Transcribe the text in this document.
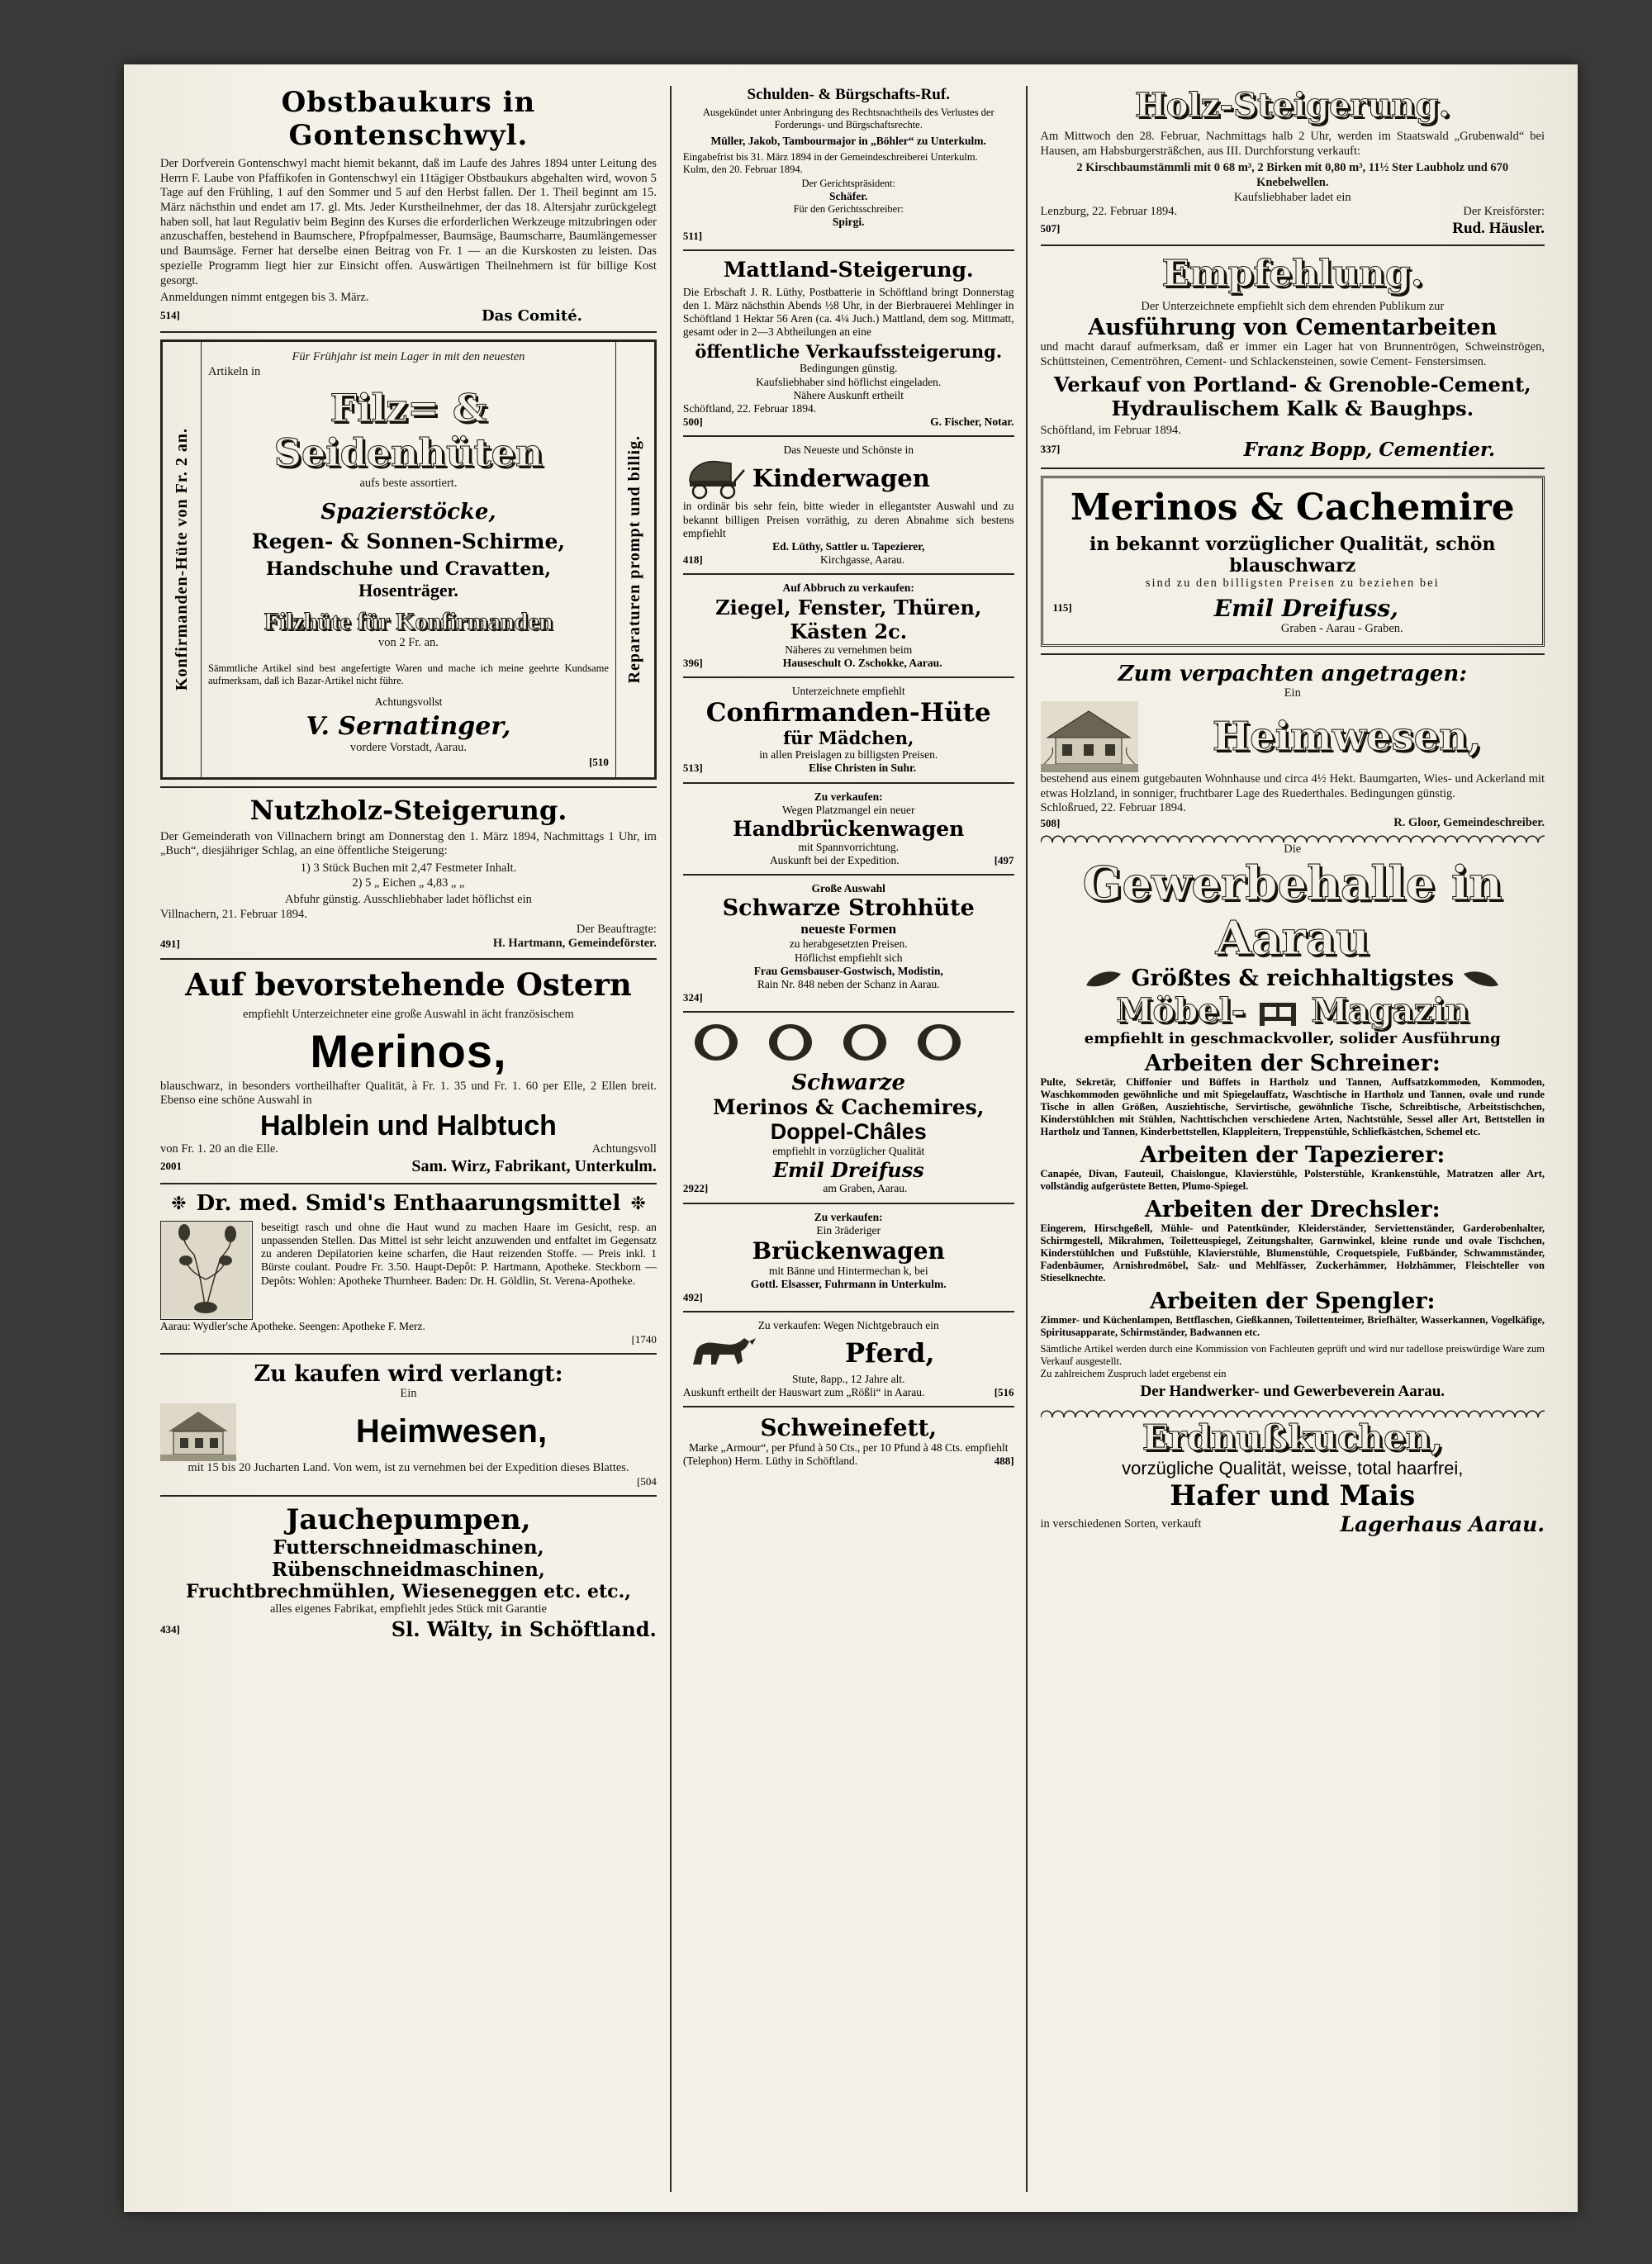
Obstbaukurs in Gontenschwyl.
Der Dorfverein Gontenschwyl macht hiemit bekannt, daß im Laufe des Jahres 1894 unter Leitung des Herrn F. Laube von Pfaffikofen in Gontenschwyl ein 11tägiger Obstbaukurs abgehalten wird, wovon 5 Tage auf den Frühling, 1 auf den Sommer und 5 auf den Herbst fallen. Der 1. Theil beginnt am 15. März nächsthin und endet am 17. gl. Mts. Jeder Kurstheilnehmer, der das 18. Altersjahr zurückgelegt haben soll, hat laut Regulativ beim Beginn des Kurses die erforderlichen Werkzeuge mitzubringen oder anzuschaffen, bestehend in Baumschere, Pfropfpalmesser, Baumsäge, Baumscharre, Baumlängemesser und Baumsäge. Ferner hat derselbe einen Beitrag von Fr. 1 — an die Kurskosten zu leisten. Das spezielle Programm liegt hier zur Einsicht offen. Auswärtigen Theilnehmern ist für billige Kost gesorgt.
Anmeldungen nimmt entgegen bis 3. März.
514]	Das Comité.
Konfirmanden-Hüte von Fr. 2 an.
Für Frühjahr ist mein Lager in mit den neuesten
Artikeln in
Filz= & Seidenhüten
aufs beste assortiert.
Spazierstöcke,
Regen- & Sonnen-Schirme,
Handschuhe und Cravatten,
Hosenträger.
Filzhüte für Konfirmanden
von 2 Fr. an.
Sämmtliche Artikel sind best angefertigte Waren und mache ich meine geehrte Kundsame aufmerksam, daß ich Bazar-Artikel nicht führe.
Achtungsvollst
V. Sernatinger,
vordere Vorstadt, Aarau.
[510
Reparaturen prompt und billig.
Nutzholz-Steigerung.
Der Gemeinderath von Villnachern bringt am Donnerstag den 1. März 1894, Nachmittags 1 Uhr, im „Buch“, diesjähriger Schlag, an eine öffentliche Steigerung:
1) 3 Stück Buchen mit 2,47 Festmeter Inhalt.
2) 5 „ Eichen „ 4,83 „ „
Abfuhr günstig. Ausschliebhaber ladet höflichst ein
Villnachern, 21. Februar 1894.
Der Beauftragte:
491]	H. Hartmann, Gemeindeförster.
Auf bevorstehende Ostern
empfiehlt Unterzeichneter eine große Auswahl in ächt französischem
Merinos,
blauschwarz, in besonders vortheilhafter Qualität, à Fr. 1. 35 und Fr. 1. 60 per Elle, 2 Ellen breit. Ebenso eine schöne Auswahl in
Halblein und Halbtuch
von Fr. 1. 20 an die Elle.	Achtungsvoll
2001	Sam. Wirz, Fabrikant, Unterkulm.
❉ Dr. med. Smid's Enthaarungsmittel ❉
beseitigt rasch und ohne die Haut wund zu machen Haare im Gesicht, resp. an unpassenden Stellen. Das Mittel ist sehr leicht anzuwenden und entfaltet im Gegensatz zu anderen Depilatorien keine scharfen, die Haut reizenden Stoffe. — Preis inkl. 1 Bürste coulant. Poudre Fr. 3.50. Haupt-Depôt: P. Hartmann, Apotheke. Steckborn — Depôts: Wohlen: Apotheke Thurnheer. Baden: Dr. H. Göldlin, St. Verena-Apotheke.
Aarau: Wydler'sche Apotheke. Seengen: Apotheke F. Merz.
[1740
Zu kaufen wird verlangt:
Ein
Heimwesen,
mit 15 bis 20 Jucharten Land. Von wem, ist zu vernehmen bei der Expedition dieses Blattes.
[504
Jauchepumpen,
Futterschneidmaschinen, Rübenschneidmaschinen,
Fruchtbrechmühlen, Wieseneggen etc. etc.,
alles eigenes Fabrikat, empfiehlt jedes Stück mit Garantie
434]	Sl. Wälty, in Schöftland.
Schulden- & Bürgschafts-Ruf.
Ausgekündet unter Anbringung des Rechtsnachtheils des Verlustes der Forderungs- und Bürgschaftsrechte.
Müller, Jakob, Tambourmajor in „Böhler“ zu Unterkulm.
Eingabefrist bis 31. März 1894 in der Gemeindeschreiberei Unterkulm.
Kulm, den 20. Februar 1894.
Der Gerichtspräsident:
Schäfer.
Für den Gerichtsschreiber:
Spirgi.
511]
Mattland-Steigerung.
Die Erbschaft J. R. Lüthy, Postbatterie in Schöftland bringt Donnerstag den 1. März nächsthin Abends ½8 Uhr, in der Bierbrauerei Mehlinger in Schöftland 1 Hektar 56 Aren (ca. 4¼ Juch.) Mattland, dem sog. Mittmatt, gesamt oder in 2—3 Abtheilungen an eine
öffentliche Verkaufssteigerung.
Bedingungen günstig.
Kaufsliebhaber sind höflichst eingeladen.
Nähere Auskunft ertheilt
Schöftland, 22. Februar 1894.
500]	G. Fischer, Notar.
Das Neueste und Schönste in
Kinderwagen
in ordinär bis sehr fein, bitte wieder in ellegantster Auswahl und zu bekannt billigen Preisen vorräthig, zu deren Abnahme sich bestens empfiehlt
Ed. Lüthy, Sattler u. Tapezierer,
418]	Kirchgasse, Aarau.
Auf Abbruch zu verkaufen:
Ziegel, Fenster, Thüren, Kästen 2c.
Näheres zu vernehmen beim
396]	Hauseschult O. Zschokke, Aarau.
Unterzeichnete empfiehlt
Confirmanden-Hüte
für Mädchen,
in allen Preislagen zu billigsten Preisen.
513]	Elise Christen in Suhr.
Zu verkaufen:
Wegen Platzmangel ein neuer
Handbrückenwagen
mit Spannvorrichtung.
Auskunft bei der Expedition.	[497
Große Auswahl
Schwarze Strohhüte
neueste Formen
zu herabgesetzten Preisen.
Höflichst empfiehlt sich
Frau Gemsbauser-Gostwisch, Modistin,
Rain Nr. 848 neben der Schanz in Aarau.
324]
Schwarze
Merinos & Cachemires,
Doppel-Châles
empfiehlt in vorzüglicher Qualität
Emil Dreifuss
2922]	am Graben, Aarau.
Zu verkaufen:
Ein 3räderiger
Brückenwagen
mit Bänne und Hintermechan k, bei
Gottl. Elsasser, Fuhrmann in Unterkulm.
492]
Zu verkaufen: Wegen Nichtgebrauch ein
Pferd,
Stute, 8app., 12 Jahre alt.
Auskunft ertheilt der Hauswart zum „Rößli“ in Aarau.	[516
Schweinefett,
Marke „Armour“, per Pfund à 50 Cts., per 10 Pfund à 48 Cts. empfiehlt
(Telephon) Herm. Lüthy in Schöftland.	488]
Holz-Steigerung.
Am Mittwoch den 28. Februar, Nachmittags halb 2 Uhr, werden im Staatswald „Grubenwald“ bei Hausen, am Habsburgersträßchen, aus III. Durchforstung verkauft:
2 Kirschbaumstämmli mit 0 68 m³, 2 Birken mit 0,80 m³, 11½ Ster Laubholz und 670 Knebelwellen.
Kaufsliebhaber ladet ein
Lenzburg, 22. Februar 1894.	Der Kreisförster:
507]	Rud. Häusler.
Empfehlung.
Der Unterzeichnete empfiehlt sich dem ehrenden Publikum zur
Ausführung von Cementarbeiten
und macht darauf aufmerksam, daß er immer ein Lager hat von Brunnentrögen, Schweinströgen, Schüttsteinen, Cementröhren, Cement- und Schlackensteinen, sowie Cement- Fenstersimsen.
Verkauf von Portland- & Grenoble-Cement,
Hydraulischem Kalk & Baughps.
Schöftland, im Februar 1894.
337]	Franz Bopp, Cementier.
Merinos & Cachemire
in bekannt vorzüglicher Qualität, schön blauschwarz
sind zu den billigsten Preisen zu beziehen bei
115]	Emil Dreifuss,
Graben - Aarau - Graben.
Zum verpachten angetragen:
Ein
Heimwesen,
bestehend aus einem gutgebauten Wohnhause und circa 4½ Hekt. Baumgarten, Wies- und Ackerland mit etwas Holzland, in sonniger, fruchtbarer Lage des Ruederthales. Bedingungen günstig.
Schloßrued, 22. Februar 1894.
508]	R. Gloor, Gemeindeschreiber.
Die
Gewerbehalle in Aarau
Größtes & reichhaltigstes
Möbel- Magazin
empfiehlt in geschmackvoller, solider Ausführung
Arbeiten der Schreiner:
Pulte, Sekretär, Chiffonier und Büffets in Hartholz und Tannen, Auffsatzkommoden, Kommoden, Waschkommoden gewöhnliche und mit Spiegelauffatz, Waschtische in Hartholz und Tannen, ovale und runde Tische in allen Größen, Ausziehtische, Servirtische, gewöhnliche Tische, Schreibtische, Arbeitstischchen, Kinderstühlchen mit Stühlen, Nachttischchen verschiedene Arten, Nachtstühle, Sessel aller Art, Bettstellen in Hartholz und Tannen, Kinderbettstellen, Klappleitern, Treppenstühle, Schliefkästchen, Schemel etc.
Arbeiten der Tapezierer:
Canapée, Divan, Fauteuil, Chaislongue, Klavierstühle, Polsterstühle, Krankenstühle, Matratzen aller Art, vollständig aufgerüstete Betten, Plumo-Spiegel.
Arbeiten der Drechsler:
Eingerem, Hirschgeßell, Mühle- und Patentkünder, Kleiderständer, Serviettenständer, Garderobenhalter, Schirmgestell, Mikrahmen, Toiletteuspiegel, Zeitungshalter, Garnwinkel, kleine runde und ovale Tischchen, Kinderstühlchen und Fußstühle, Klavierstühle, Blumenstühle, Croquetspiele, Fußbänder, Schwammständer, Fadenbäumer, Arnishrodmöbel, Salz- und Mehlfässer, Zuckerhämmer, Holzhämmer, Fleischteller von Stieselknechte.
Arbeiten der Spengler:
Zimmer- und Küchenlampen, Bettflaschen, Gießkannen, Toilettenteimer, Briefhälter, Wasserkannen, Vogelkäfige, Spiritusapparate, Schirmständer, Badwannen etc.
Sämtliche Artikel werden durch eine Kommission von Fachleuten geprüft und wird nur tadellose preiswürdige Ware zum Verkauf ausgestellt.
Zu zahlreichem Zuspruch ladet ergebenst ein
Der Handwerker- und Gewerbeverein Aarau.
Erdnußkuchen,
vorzügliche Qualität, weisse, total haarfrei,
Hafer und Mais
in verschiedenen Sorten, verkauft	Lagerhaus Aarau.
